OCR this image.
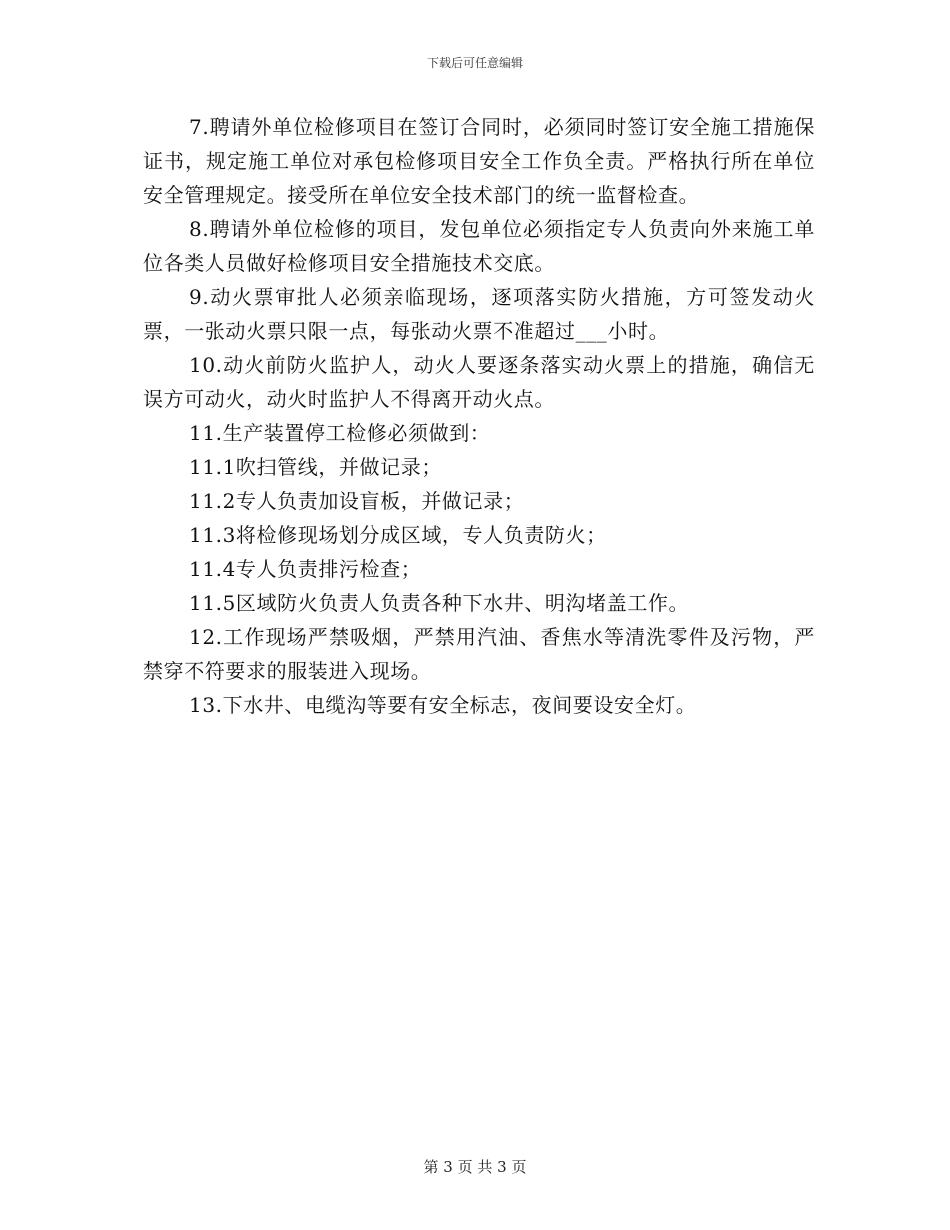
下载后可任意编辑

7.聘请外单位检修项目在签订合同时，必须同时签订安全施工措施保证书，规定施工单位对承包检修项目安全工作负全责。严格执行所在单位安全管理规定。接受所在单位安全技术部门的统一监督检查。

8.聘请外单位检修的项目，发包单位必须指定专人负责向外来施工单位各类人员做好检修项目安全措施技术交底。

9.动火票审批人必须亲临现场，逐项落实防火措施，方可签发动火票，一张动火票只限一点，每张动火票不准超过___小时。

10.动火前防火监护人，动火人要逐条落实动火票上的措施，确信无误方可动火，动火时监护人不得离开动火点。

11.生产装置停工检修必须做到：

11.1吹扫管线，并做记录；

11.2专人负责加设盲板，并做记录；

11.3将检修现场划分成区域，专人负责防火；

11.4专人负责排污检查；

11.5区域防火负责人负责各种下水井、明沟堵盖工作。

12.工作现场严禁吸烟，严禁用汽油、香焦水等清洗零件及污物，严禁穿不符要求的服装进入现场。

13.下水井、电缆沟等要有安全标志，夜间要设安全灯。

第 3 页 共 3 页
